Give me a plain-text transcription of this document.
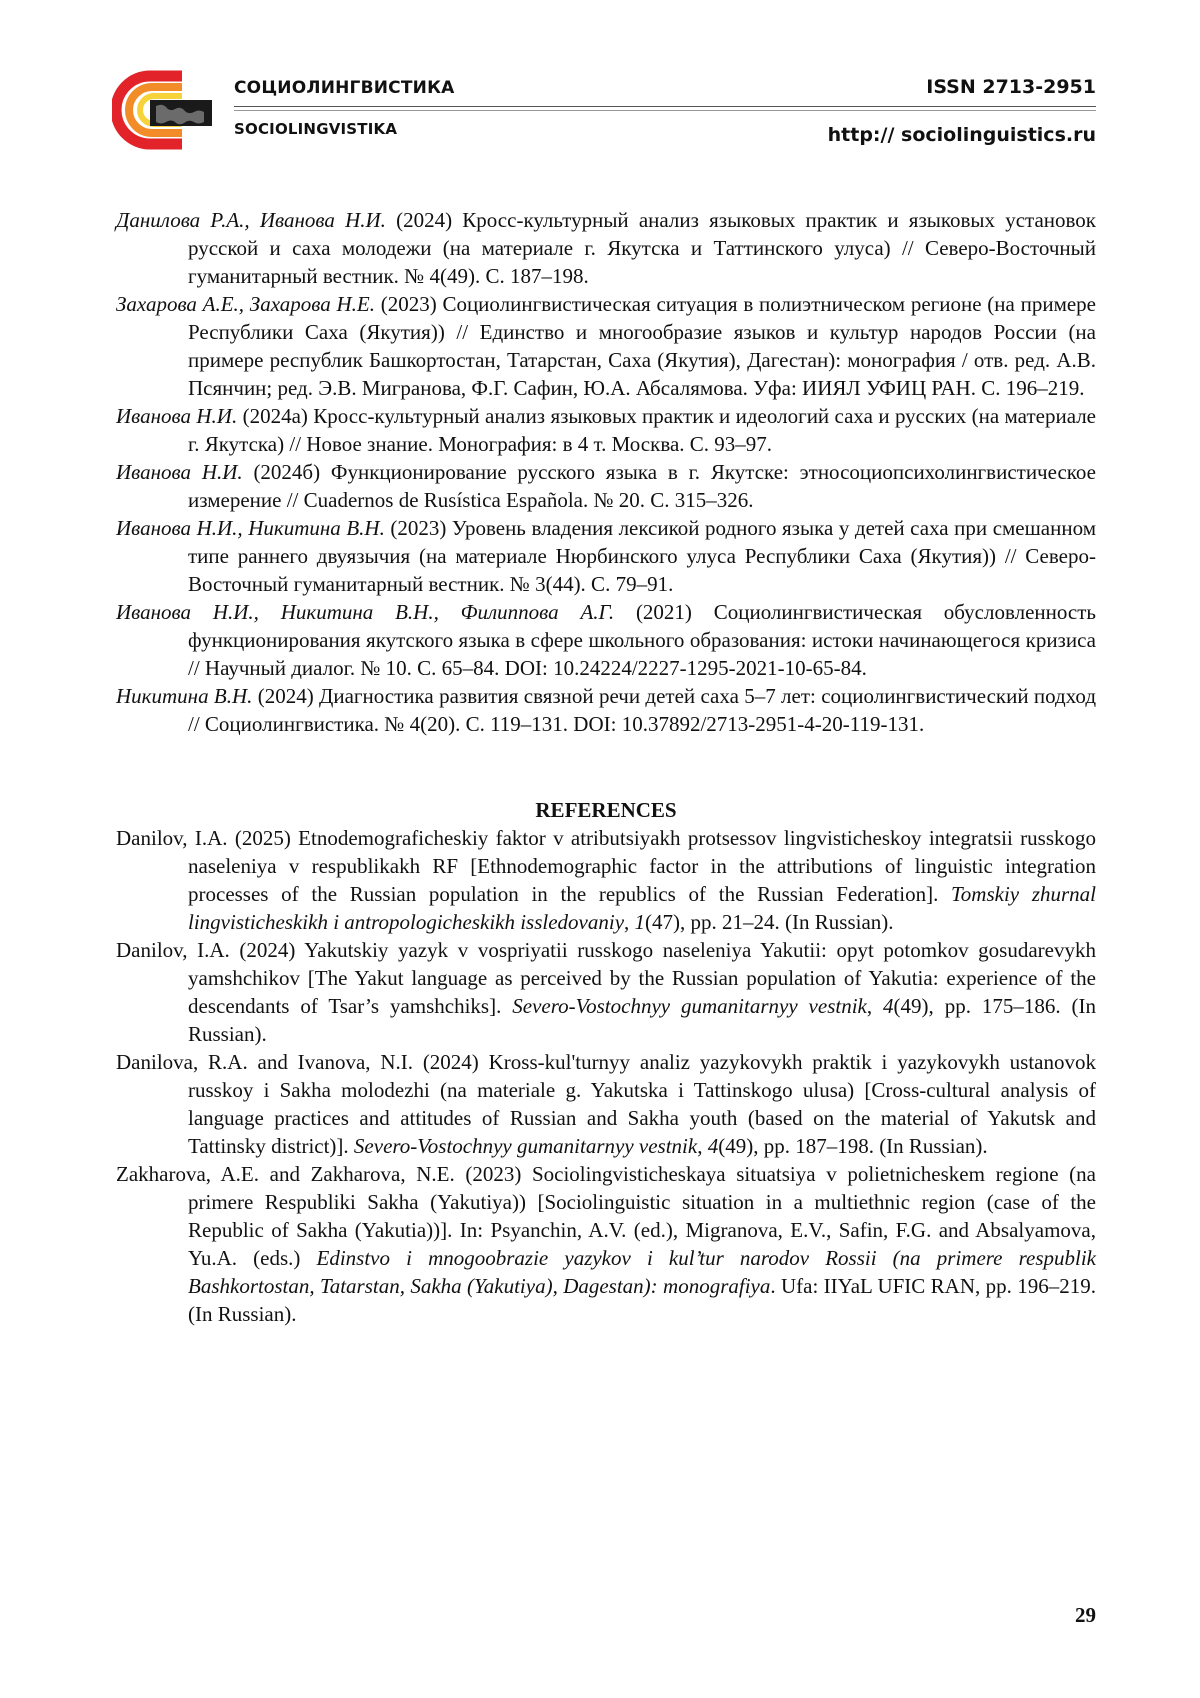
СОЦИОЛИНГВИСТИКА
SOCIOLINGVISTIKA
ISSN 2713-2951
http:// sociolinguistics.ru

Данилова Р.А., Иванова Н.И. (2024) Кросс-культурный анализ языковых практик и языковых установок русской и саха молодежи (на материале г. Якутска и Таттинского улуса) // Северо-Восточный гуманитарный вестник. № 4(49). С. 187–198.

Захарова А.Е., Захарова Н.Е. (2023) Социолингвистическая ситуация в полиэтническом регионе (на примере Республики Саха (Якутия)) // Единство и многообразие языков и культур народов России (на примере республик Башкортостан, Татарстан, Саха (Якутия), Дагестан): монография / отв. ред. А.В. Псянчин; ред. Э.В. Мигранова, Ф.Г. Сафин, Ю.А. Абсалямова. Уфа: ИИЯЛ УФИЦ РАН. С. 196–219.

Иванова Н.И. (2024а) Кросс-культурный анализ языковых практик и идеологий саха и русских (на материале г. Якутска) // Новое знание. Монография: в 4 т. Москва. С. 93–97.

Иванова Н.И. (2024б) Функционирование русского языка в г. Якутске: этносоциопсихолингвистическое измерение // Cuadernos de Rusística Española. № 20. С. 315–326.

Иванова Н.И., Никитина В.Н. (2023) Уровень владения лексикой родного языка у детей саха при смешанном типе раннего двуязычия (на материале Нюрбинского улуса Республики Саха (Якутия)) // Северо-Восточный гуманитарный вестник. № 3(44). С. 79–91.

Иванова Н.И., Никитина В.Н., Филиппова А.Г. (2021) Социолингвистическая обусловленность функционирования якутского языка в сфере школьного образования: истоки начинающегося кризиса // Научный диалог. № 10. С. 65–84. DOI: 10.24224/2227-1295-2021-10-65-84.

Никитина В.Н. (2024) Диагностика развития связной речи детей саха 5–7 лет: социолингвистический подход // Социолингвистика. № 4(20). С. 119–131. DOI: 10.37892/2713-2951-4-20-119-131.

REFERENCES

Danilov, I.A. (2025) Etnodemograficheskiy faktor v atributsiyakh protsessov lingvisticheskoy integratsii russkogo naseleniya v respublikakh RF [Ethnodemographic factor in the attributions of linguistic integration processes of the Russian population in the republics of the Russian Federation]. Tomskiy zhurnal lingvisticheskikh i antropologicheskikh issledovaniy, 1(47), pp. 21–24. (In Russian).

Danilov, I.A. (2024) Yakutskiy yazyk v vospriyatii russkogo naseleniya Yakutii: opyt potomkov gosudarevykh yamshchikov [The Yakut language as perceived by the Russian population of Yakutia: experience of the descendants of Tsar’s yamshchiks]. Severo-Vostochnyy gumanitarnyy vestnik, 4(49), pp. 175–186. (In Russian).

Danilova, R.A. and Ivanova, N.I. (2024) Kross-kul'turnyy analiz yazykovykh praktik i yazykovykh ustanovok russkoy i Sakha molodezhi (na materiale g. Yakutska i Tattinskogo ulusa) [Cross-cultural analysis of language practices and attitudes of Russian and Sakha youth (based on the material of Yakutsk and Tattinsky district)]. Severo-Vostochnyy gumanitarnyy vestnik, 4(49), pp. 187–198. (In Russian).

Zakharova, A.E. and Zakharova, N.E. (2023) Sociolingvisticheskaya situatsiya v polietnicheskem regione (na primere Respubliki Sakha (Yakutiya)) [Sociolinguistic situation in a multiethnic region (case of the Republic of Sakha (Yakutia))]. In: Psyanchin, A.V. (ed.), Migranova, E.V., Safin, F.G. and Absalyamova, Yu.A. (eds.) Edinstvo i mnogoobrazie yazykov i kul’tur narodov Rossii (na primere respublik Bashkortostan, Tatarstan, Sakha (Yakutiya), Dagestan): monografiya. Ufa: IIYaL UFIC RAN, pp. 196–219. (In Russian).

29
